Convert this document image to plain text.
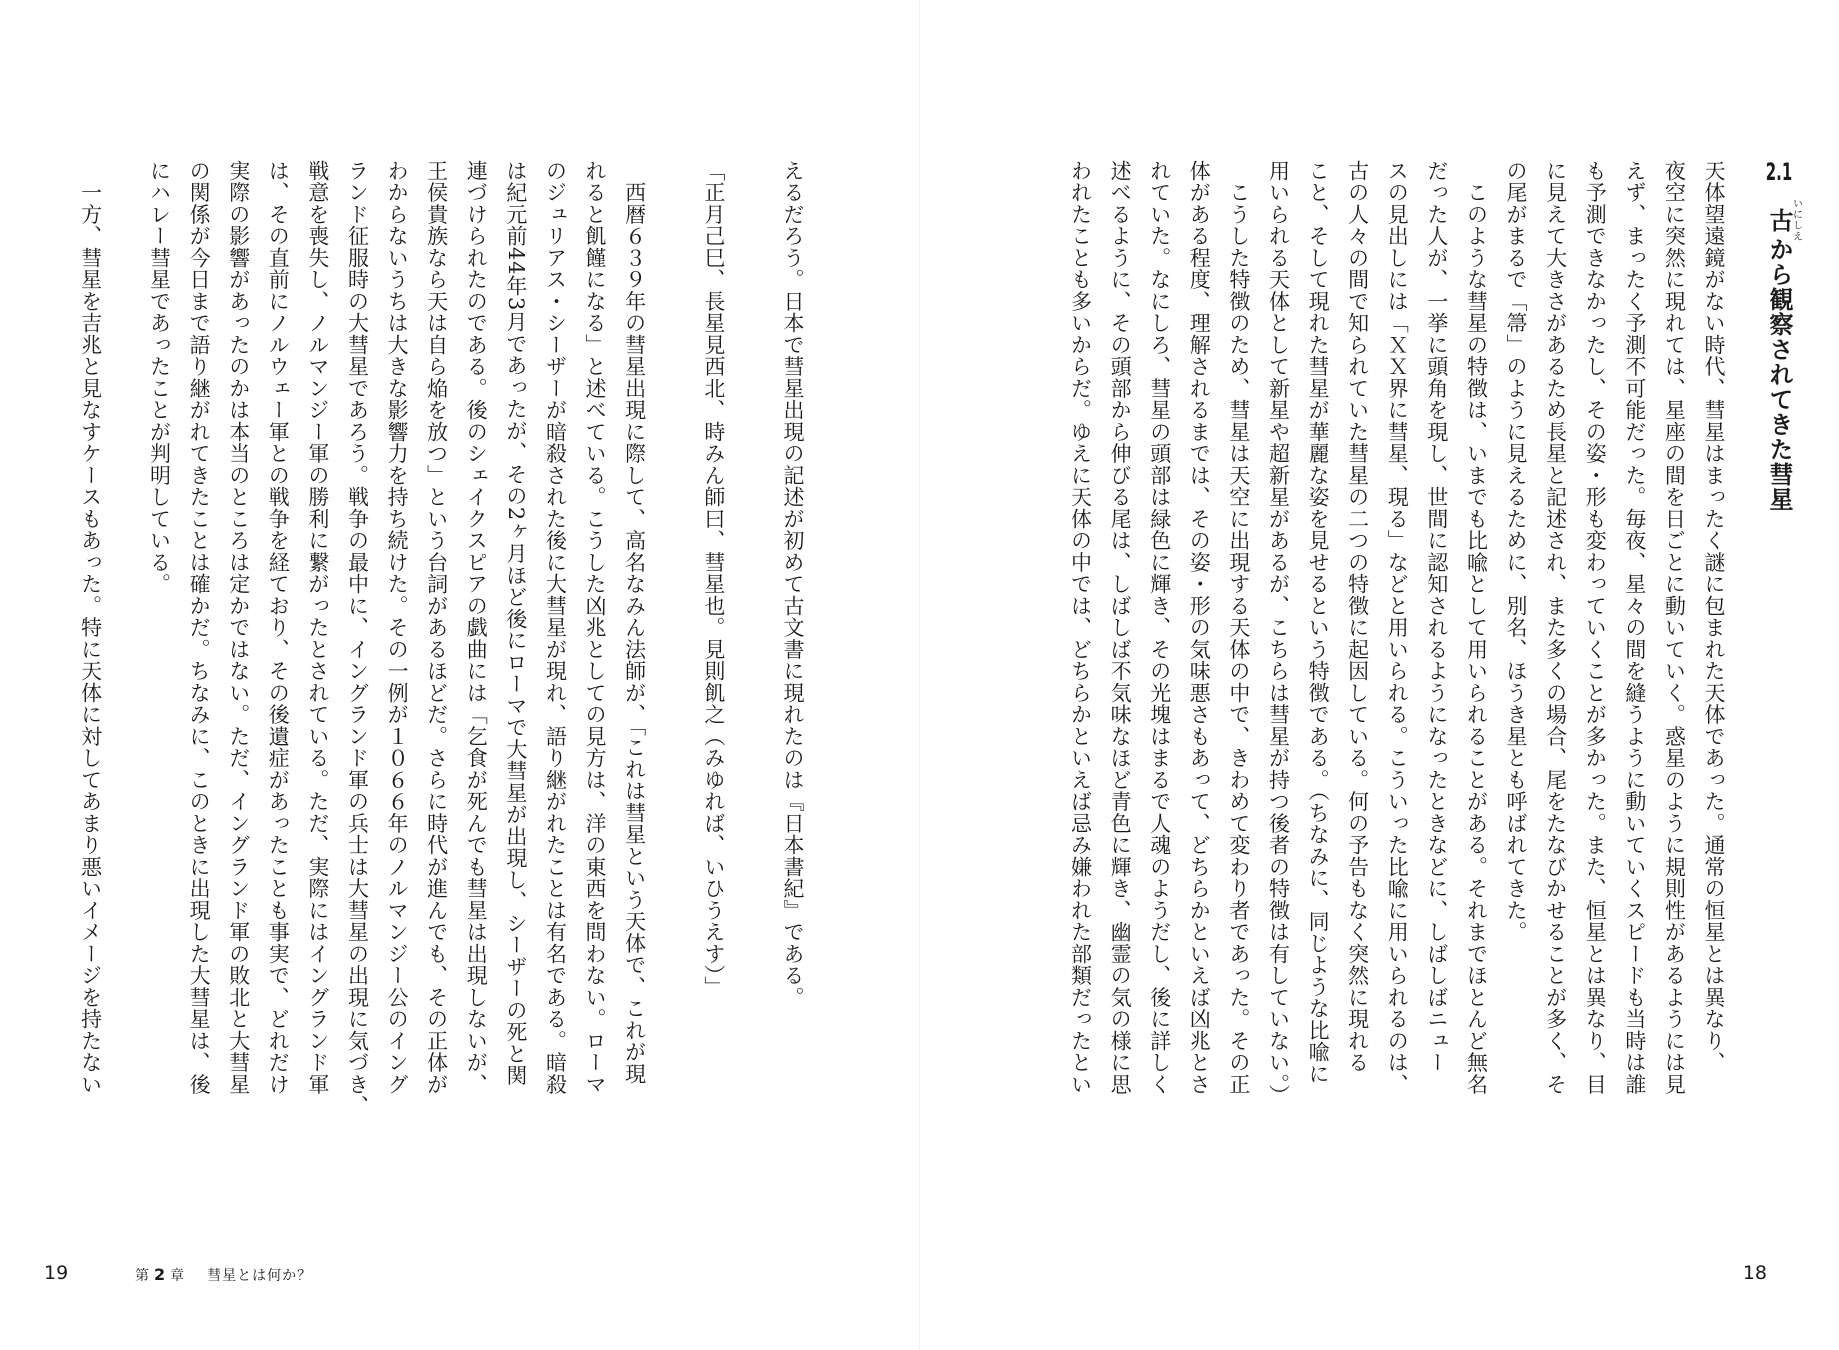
2.1  古いにしえから観察されてきた彗星
天体望遠鏡がない時代、彗星はまったく謎に包まれた天体であった。通常の恒星とは異なり、
夜空に突然に現れては、星座の間を日ごとに動いていく。惑星のように規則性があるようには見
えず、まったく予測不可能だった。毎夜、星々の間を縫うように動いていくスピードも当時は誰
も予測できなかったし、その姿・形も変わっていくことが多かった。また、恒星とは異なり、目
に見えて大きさがあるため長星と記述され、また多くの場合、尾をたなびかせることが多く、そ
の尾がまるで「箒」のように見えるために、別名、ほうき星とも呼ばれてきた。
　このような彗星の特徴は、いまでも比喩として用いられることがある。それまでほとんど無名
だった人が、一挙に頭角を現し、世間に認知されるようになったときなどに、しばしばニュー
スの見出しには「ＸＸ界に彗星、現る」などと用いられる。こういった比喩に用いられるのは、
古の人々の間で知られていた彗星の二つの特徴に起因している。何の予告もなく突然に現れる
こと、そして現れた彗星が華麗な姿を見せるという特徴である。（ちなみに、同じような比喩に
用いられる天体として新星や超新星があるが、こちらは彗星が持つ後者の特徴は有していない。）
　こうした特徴のため、彗星は天空に出現する天体の中で、きわめて変わり者であった。その正
体がある程度、理解されるまでは、その姿・形の気味悪さもあって、どちらかといえば凶兆とさ
れていた。なにしろ、彗星の頭部は緑色に輝き、その光塊はまるで人魂のようだし、後に詳しく
述べるように、その頭部から伸びる尾は、しばしば不気味なほど青色に輝き、幽霊の気の様に思
われたことも多いからだ。ゆえに天体の中では、どちらかといえば忌み嫌われた部類だったとい
18
えるだろう。日本で彗星出現の記述が初めて古文書に現れたのは『日本書紀』である。

「正月己巳、長星見西北、時みん師曰、彗星也。見則飢之（みゆれば、いひうえす）」

　西暦６３９年の彗星出現に際して、高名なみん法師が、「これは彗星という天体で、これが現
れると飢饉になる」と述べている。こうした凶兆としての見方は、洋の東西を問わない。ローマ
のジュリアス・シーザーが暗殺された後に大彗星が現れ、語り継がれたことは有名である。暗殺
は紀元前44年3月であったが、その2ヶ月ほど後にローマで大彗星が出現し、シーザーの死と関
連づけられたのである。後のシェイクスピアの戯曲には「乞食が死んでも彗星は出現しないが、
王侯貴族なら天は自ら焔を放つ」という台詞があるほどだ。さらに時代が進んでも、その正体が
わからないうちは大きな影響力を持ち続けた。その一例が１０６６年のノルマンジー公のイング
ランド征服時の大彗星であろう。戦争の最中に、イングランド軍の兵士は大彗星の出現に気づき、
戦意を喪失し、ノルマンジー軍の勝利に繋がったとされている。ただ、実際にはイングランド軍
は、その直前にノルウェー軍との戦争を経ており、その後遺症があったことも事実で、どれだけ
実際の影響があったのかは本当のところは定かではない。ただ、イングランド軍の敗北と大彗星
の関係が今日まで語り継がれてきたことは確かだ。ちなみに、このときに出現した大彗星は、後
にハレー彗星であったことが判明している。
　一方、彗星を吉兆と見なすケースもあった。特に天体に対してあまり悪いイメージを持たない
19	第 2 章 彗星とは何か？
